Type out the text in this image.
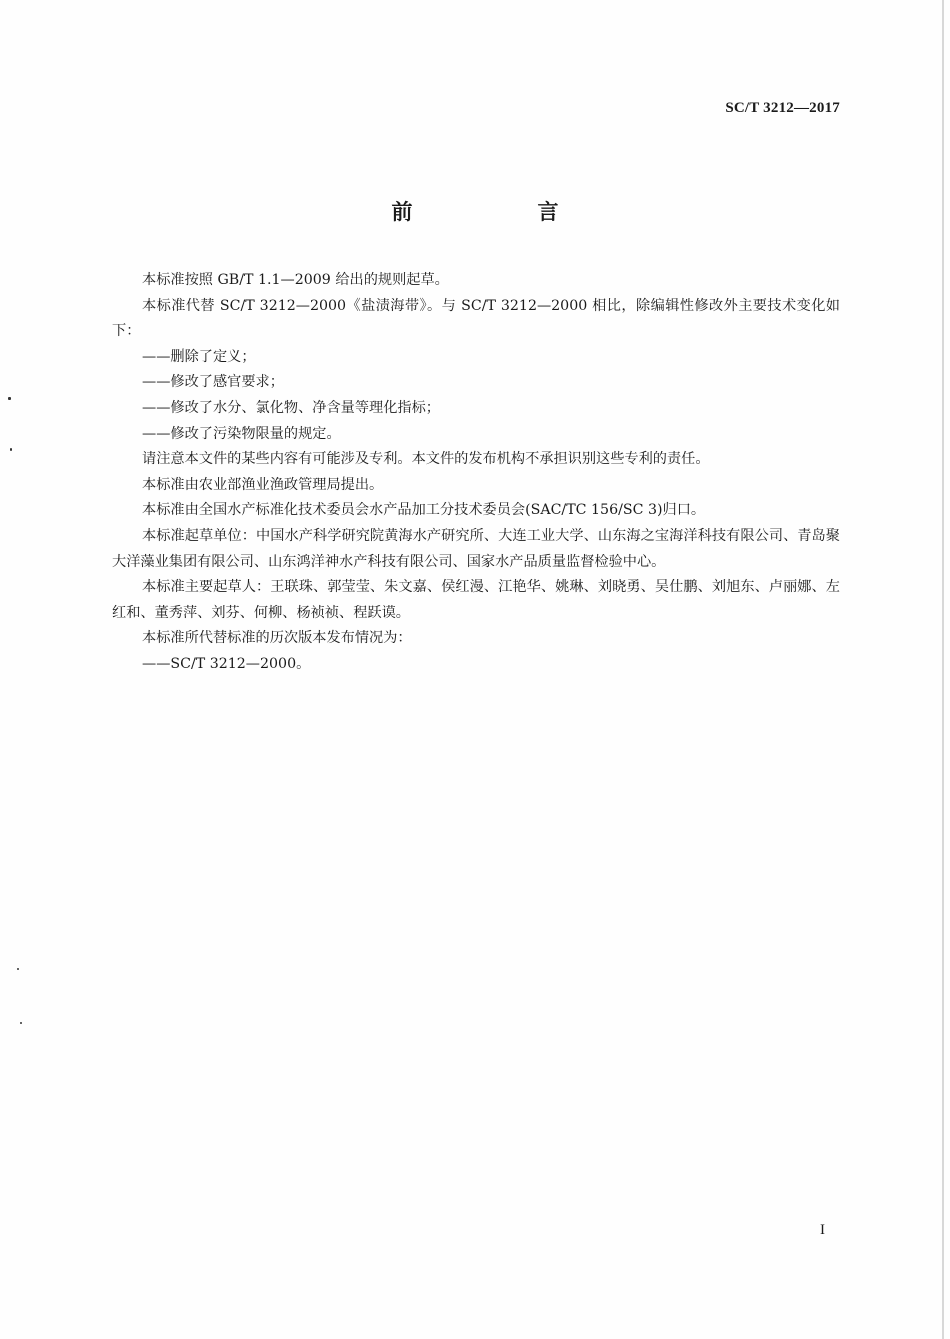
SC/T 3212—2017
前　言

本标准按照 GB/T 1.1—2009 给出的规则起草。

本标准代替 SC/T 3212—2000《盐渍海带》。与 SC/T 3212—2000 相比，除编辑性修改外主要技术变化如下：

——删除了定义；

——修改了感官要求；

——修改了水分、氯化物、净含量等理化指标；

——修改了污染物限量的规定。

请注意本文件的某些内容有可能涉及专利。本文件的发布机构不承担识别这些专利的责任。

本标准由农业部渔业渔政管理局提出。

本标准由全国水产标准化技术委员会水产品加工分技术委员会(SAC/TC 156/SC 3)归口。

本标准起草单位：中国水产科学研究院黄海水产研究所、大连工业大学、山东海之宝海洋科技有限公司、青岛聚大洋藻业集团有限公司、山东鸿洋神水产科技有限公司、国家水产品质量监督检验中心。

本标准主要起草人：王联珠、郭莹莹、朱文嘉、侯红漫、江艳华、姚琳、刘晓勇、吴仕鹏、刘旭东、卢丽娜、左红和、董秀萍、刘芬、何柳、杨祯祯、程跃谟。

本标准所代替标准的历次版本发布情况为：

——SC/T 3212—2000。

I
